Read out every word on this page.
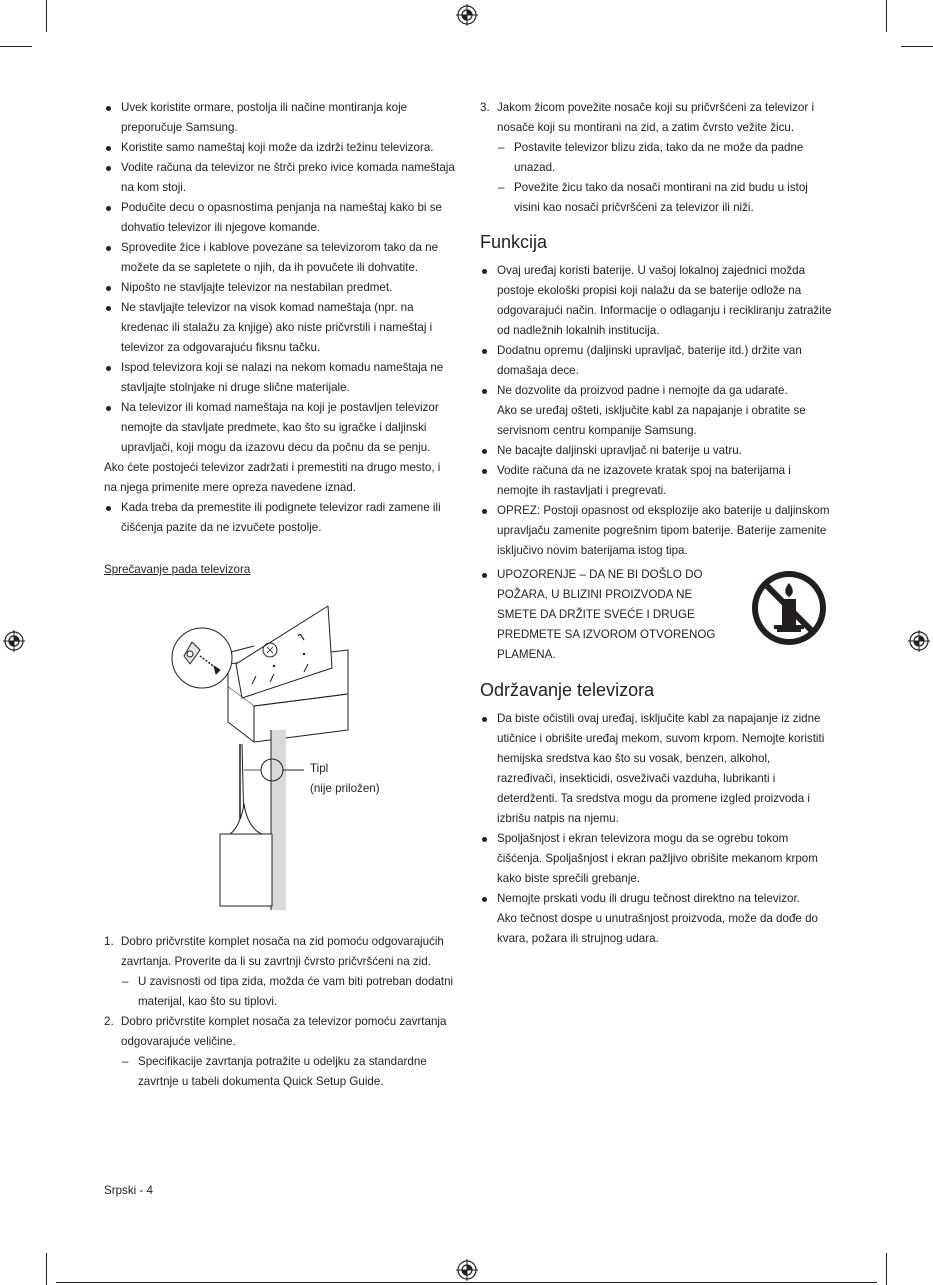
Uvek koristite ormare, postolja ili načine montiranja koje preporučuje Samsung.
Koristite samo nameštaj koji može da izdrži težinu televizora.
Vodite računa da televizor ne štrči preko ivice komada nameštaja na kom stoji.
Podučite decu o opasnostima penjanja na nameštaj kako bi se dohvatio televizor ili njegove komande.
Sprovedite žice i kablove povezane sa televizorom tako da ne možete da se sapletete o njih, da ih povučete ili dohvatite.
Nipošto ne stavljajte televizor na nestabilan predmet.
Ne stavljajte televizor na visok komad nameštaja (npr. na kredenac ili stalažu za knjige) ako niste pričvrstili i nameštaj i televizor za odgovarajuću fiksnu tačku.
Ispod televizora koji se nalazi na nekom komadu nameštaja ne stavljajte stolnjake ni druge slične materijale.
Na televizor ili komad nameštaja na koji je postavljen televizor nemojte da stavljate predmete, kao što su igračke i daljinski upravljači, koji mogu da izazovu decu da počnu da se penju.

Ako ćete postojeći televizor zadržati i premestiti na drugo mesto, i na njega primenite mere opreza navedene iznad.

Kada treba da premestite ili podignete televizor radi zamene ili čišćenja pazite da ne izvučete postolje.
Sprečavanje pada televizora
Tipl
(nije priložen)
1. Dobro pričvrstite komplet nosača na zid pomoću odgovarajućih zavrtanja. Proverite da li su zavrtnji čvrsto pričvršćeni na zid.
– U zavisnosti od tipa zida, možda će vam biti potreban dodatni materijal, kao što su tiplovi.
2. Dobro pričvrstite komplet nosača za televizor pomoću zavrtanja odgovarajuće veličine.
– Specifikacije zavrtanja potražite u odeljku za standardne zavrtnje u tabeli dokumenta Quick Setup Guide.
3. Jakom žicom povežite nosače koji su pričvršćeni za televizor i nosače koji su montirani na zid, a zatim čvrsto vežite žicu.
– Postavite televizor blizu zida, tako da ne može da padne unazad.
– Povežite žicu tako da nosači montirani na zid budu u istoj visini kao nosači pričvršćeni za televizor ili niži.
Funkcija
Ovaj uređaj koristi baterije. U vašoj lokalnoj zajednici možda postoje ekološki propisi koji nalažu da se baterije odlože na odgovarajući način. Informacije o odlaganju i recikliranju zatražite od nadležnih lokalnih institucija.
Dodatnu opremu (daljinski upravljač, baterije itd.) držite van domašaja dece.
Ne dozvolite da proizvod padne i nemojte da ga udarate.
Ako se uređaj ošteti, isključite kabl za napajanje i obratite se servisnom centru kompanije Samsung.
Ne bacajte daljinski upravljač ni baterije u vatru.
Vodite računa da ne izazovete kratak spoj na baterijama i nemojte ih rastavljati i pregrevati.
OPREZ: Postoji opasnost od eksplozije ako baterije u daljinskom upravljaču zamenite pogrešnim tipom baterije. Baterije zamenite isključivo novim baterijama istog tipa.
UPOZORENJE – DA NE BI DOŠLO DO POŽARA, U BLIZINI PROIZVODA NE SMETE DA DRŽITE SVEĆE I DRUGE PREDMETE SA IZVOROM OTVORENOG PLAMENA.
Održavanje televizora
Da biste očistili ovaj uređaj, isključite kabl za napajanje iz zidne utičnice i obrišite uređaj mekom, suvom krpom. Nemojte koristiti hemijska sredstva kao što su vosak, benzen, alkohol, razređivači, insekticidi, osveživači vazduha, lubrikanti i deterdženti. Ta sredstva mogu da promene izgled proizvoda i izbrišu natpis na njemu.
Spoljašnjost i ekran televizora mogu da se ogrebu tokom čišćenja. Spoljašnjost i ekran pažljivo obrišite mekanom krpom kako biste sprečili grebanje.
Nemojte prskati vodu ili drugu tečnost direktno na televizor.
Ako tečnost dospe u unutrašnjost proizvoda, može da dođe do kvara, požara ili strujnog udara.
Srpski - 4
